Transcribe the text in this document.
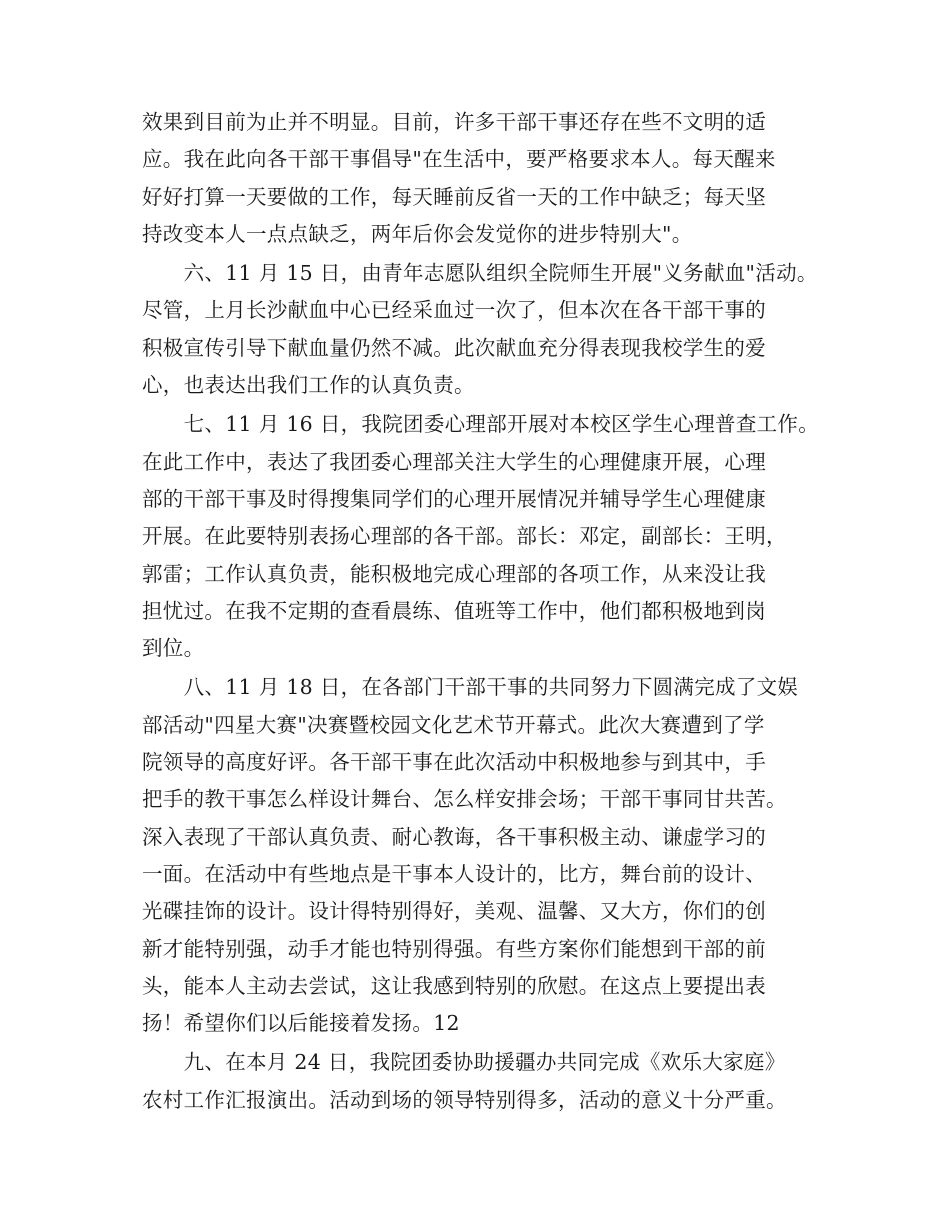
效果到目前为止并不明显。目前，许多干部干事还存在些不文明的适
应。我在此向各干部干事倡导"在生活中，要严格要求本人。每天醒来
好好打算一天要做的工作，每天睡前反省一天的工作中缺乏；每天坚
持改变本人一点点缺乏，两年后你会发觉你的进步特别大"。
　　六、11 月 15 日，由青年志愿队组织全院师生开展"义务献血"活动。
尽管，上月长沙献血中心已经采血过一次了，但本次在各干部干事的
积极宣传引导下献血量仍然不减。此次献血充分得表现我校学生的爱
心，也表达出我们工作的认真负责。
　　七、11 月 16 日，我院团委心理部开展对本校区学生心理普查工作。
在此工作中，表达了我团委心理部关注大学生的心理健康开展，心理
部的干部干事及时得搜集同学们的心理开展情况并辅导学生心理健康
开展。在此要特别表扬心理部的各干部。部长：邓定，副部长：王明，
郭雷；工作认真负责，能积极地完成心理部的各项工作，从来没让我
担忧过。在我不定期的查看晨练、值班等工作中，他们都积极地到岗
到位。
　　八、11 月 18 日，在各部门干部干事的共同努力下圆满完成了文娱
部活动"四星大赛"决赛暨校园文化艺术节开幕式。此次大赛遭到了学
院领导的高度好评。各干部干事在此次活动中积极地参与到其中，手
把手的教干事怎么样设计舞台、怎么样安排会场；干部干事同甘共苦。
深入表现了干部认真负责、耐心教诲，各干事积极主动、谦虚学习的
一面。在活动中有些地点是干事本人设计的，比方，舞台前的设计、
光碟挂饰的设计。设计得特别得好，美观、温馨、又大方，你们的创
新才能特别强，动手才能也特别得强。有些方案你们能想到干部的前
头，能本人主动去尝试，这让我感到特别的欣慰。在这点上要提出表
扬！希望你们以后能接着发扬。12
　　九、在本月 24 日，我院团委协助援疆办共同完成《欢乐大家庭》
农村工作汇报演出。活动到场的领导特别得多，活动的意义十分严重。
